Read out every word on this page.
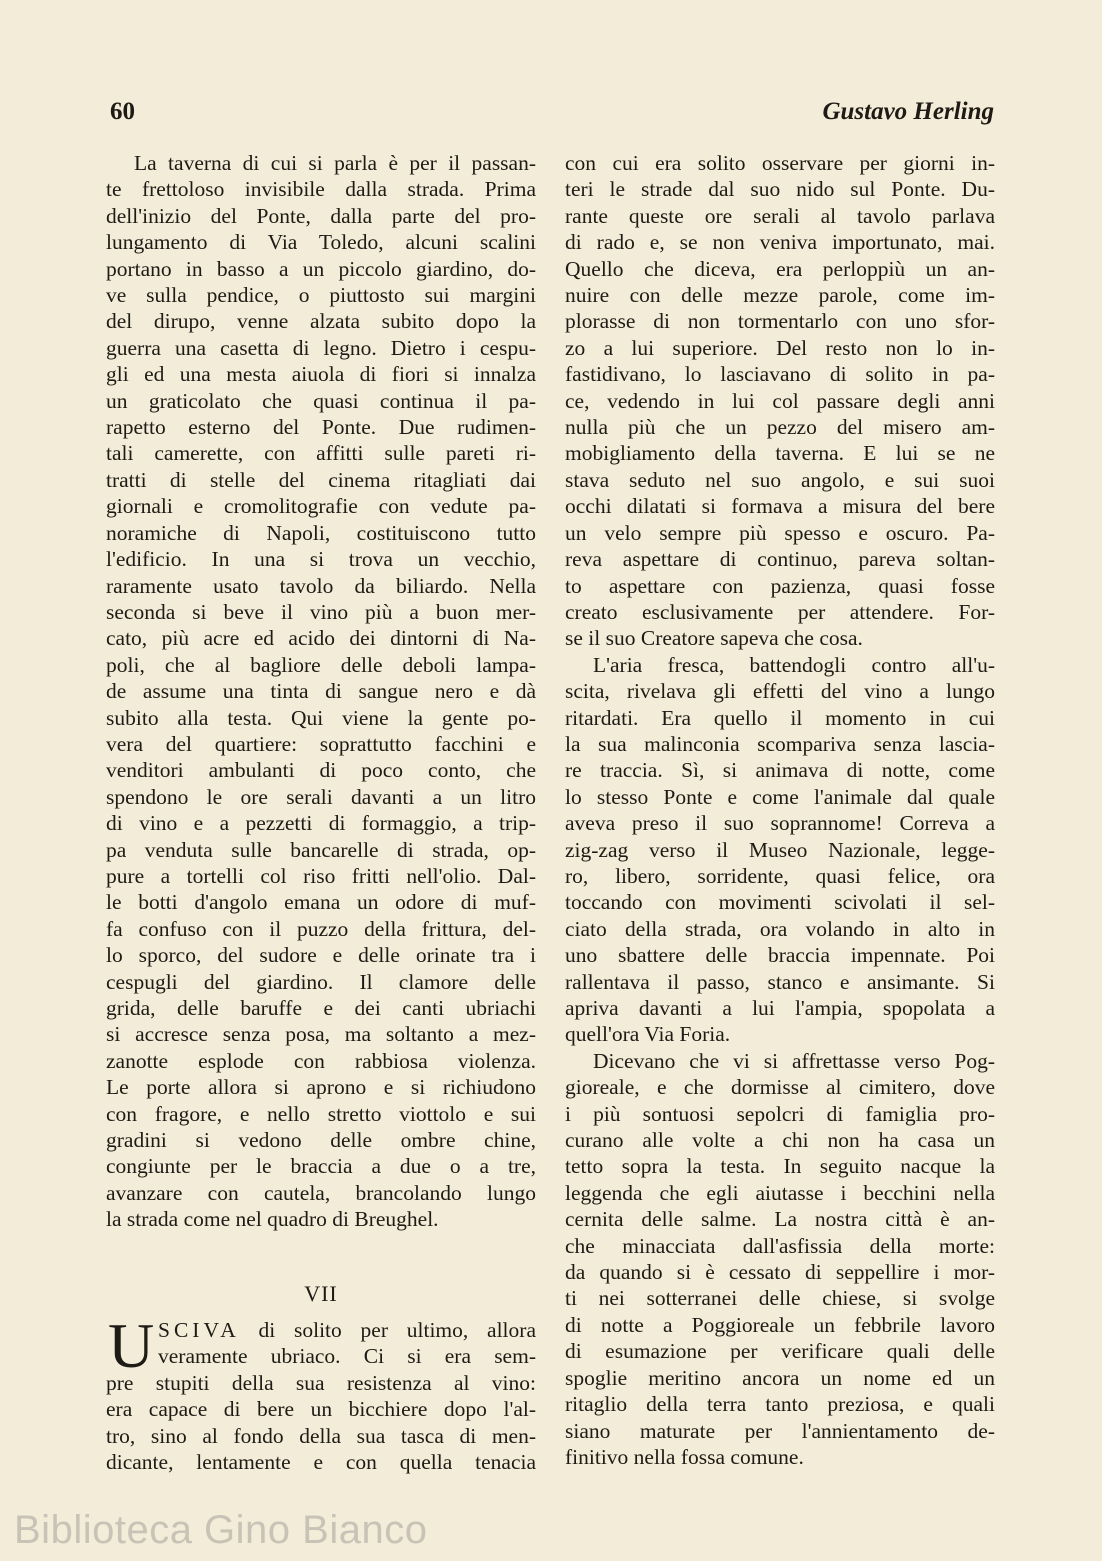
60	Gustavo Herling

La taverna di cui si parla è per il passan-
te frettoloso invisibile dalla strada. Prima
dell'inizio del Ponte, dalla parte del pro-
lungamento di Via Toledo, alcuni scalini
portano in basso a un piccolo giardino, do-
ve sulla pendice, o piuttosto sui margini
del dirupo, venne alzata subito dopo la
guerra una casetta di legno. Dietro i cespu-
gli ed una mesta aiuola di fiori si innalza
un graticolato che quasi continua il pa-
rapetto esterno del Ponte. Due rudimen-
tali camerette, con affitti sulle pareti ri-
tratti di stelle del cinema ritagliati dai
giornali e cromolitografie con vedute pa-
noramiche di Napoli, costituiscono tutto
l'edificio. In una si trova un vecchio,
raramente usato tavolo da biliardo. Nella
seconda si beve il vino più a buon mer-
cato, più acre ed acido dei dintorni di Na-
poli, che al bagliore delle deboli lampa-
de assume una tinta di sangue nero e dà
subito alla testa. Qui viene la gente po-
vera del quartiere: soprattutto facchini e
venditori ambulanti di poco conto, che
spendono le ore serali davanti a un litro
di vino e a pezzetti di formaggio, a trip-
pa venduta sulle bancarelle di strada, op-
pure a tortelli col riso fritti nell'olio. Dal-
le botti d'angolo emana un odore di muf-
fa confuso con il puzzo della frittura, del-
lo sporco, del sudore e delle orinate tra i
cespugli del giardino. Il clamore delle
grida, delle baruffe e dei canti ubriachi
si accresce senza posa, ma soltanto a mez-
zanotte esplode con rabbiosa violenza.
Le porte allora si aprono e si richiudono
con fragore, e nello stretto viottolo e sui
gradini si vedono delle ombre chine,
congiunte per le braccia a due o a tre,
avanzare con cautela, brancolando lungo
la strada come nel quadro di Breughel.

VII
U SCIVA di solito per ultimo, allora
veramente ubriaco. Ci si era sem-

pre stupiti della sua resistenza al vino:
era capace di bere un bicchiere dopo l'al-
tro, sino al fondo della sua tasca di men-
dicante, lentamente e con quella tenacia

con cui era solito osservare per giorni in-
teri le strade dal suo nido sul Ponte. Du-
rante queste ore serali al tavolo parlava
di rado e, se non veniva importunato, mai.
Quello che diceva, era perloppiù un an-
nuire con delle mezze parole, come im-
plorasse di non tormentarlo con uno sfor-
zo a lui superiore. Del resto non lo in-
fastidivano, lo lasciavano di solito in pa-
ce, vedendo in lui col passare degli anni
nulla più che un pezzo del misero am-
mobigliamento della taverna. E lui se ne
stava seduto nel suo angolo, e sui suoi
occhi dilatati si formava a misura del bere
un velo sempre più spesso e oscuro. Pa-
reva aspettare di continuo, pareva soltan-
to aspettare con pazienza, quasi fosse
creato esclusivamente per attendere. For-
se il suo Creatore sapeva che cosa.

L'aria fresca, battendogli contro all'u-
scita, rivelava gli effetti del vino a lungo
ritardati. Era quello il momento in cui
la sua malinconia scompariva senza lascia-
re traccia. Sì, si animava di notte, come
lo stesso Ponte e come l'animale dal quale
aveva preso il suo soprannome! Correva a
zig-zag verso il Museo Nazionale, legge-
ro, libero, sorridente, quasi felice, ora
toccando con movimenti scivolati il sel-
ciato della strada, ora volando in alto in
uno sbattere delle braccia impennate. Poi
rallentava il passo, stanco e ansimante. Si
apriva davanti a lui l'ampia, spopolata a
quell'ora Via Foria.

Dicevano che vi si affrettasse verso Pog-
gioreale, e che dormisse al cimitero, dove
i più sontuosi sepolcri di famiglia pro-
curano alle volte a chi non ha casa un
tetto sopra la testa. In seguito nacque la
leggenda che egli aiutasse i becchini nella
cernita delle salme. La nostra città è an-
che minacciata dall'asfissia della morte:
da quando si è cessato di seppellire i mor-
ti nei sotterranei delle chiese, si svolge
di notte a Poggioreale un febbrile lavoro
di esumazione per verificare quali delle
spoglie meritino ancora un nome ed un
ritaglio della terra tanto preziosa, e quali
siano maturate per l'annientamento de-
finitivo nella fossa comune.

Biblioteca Gino Bianco
